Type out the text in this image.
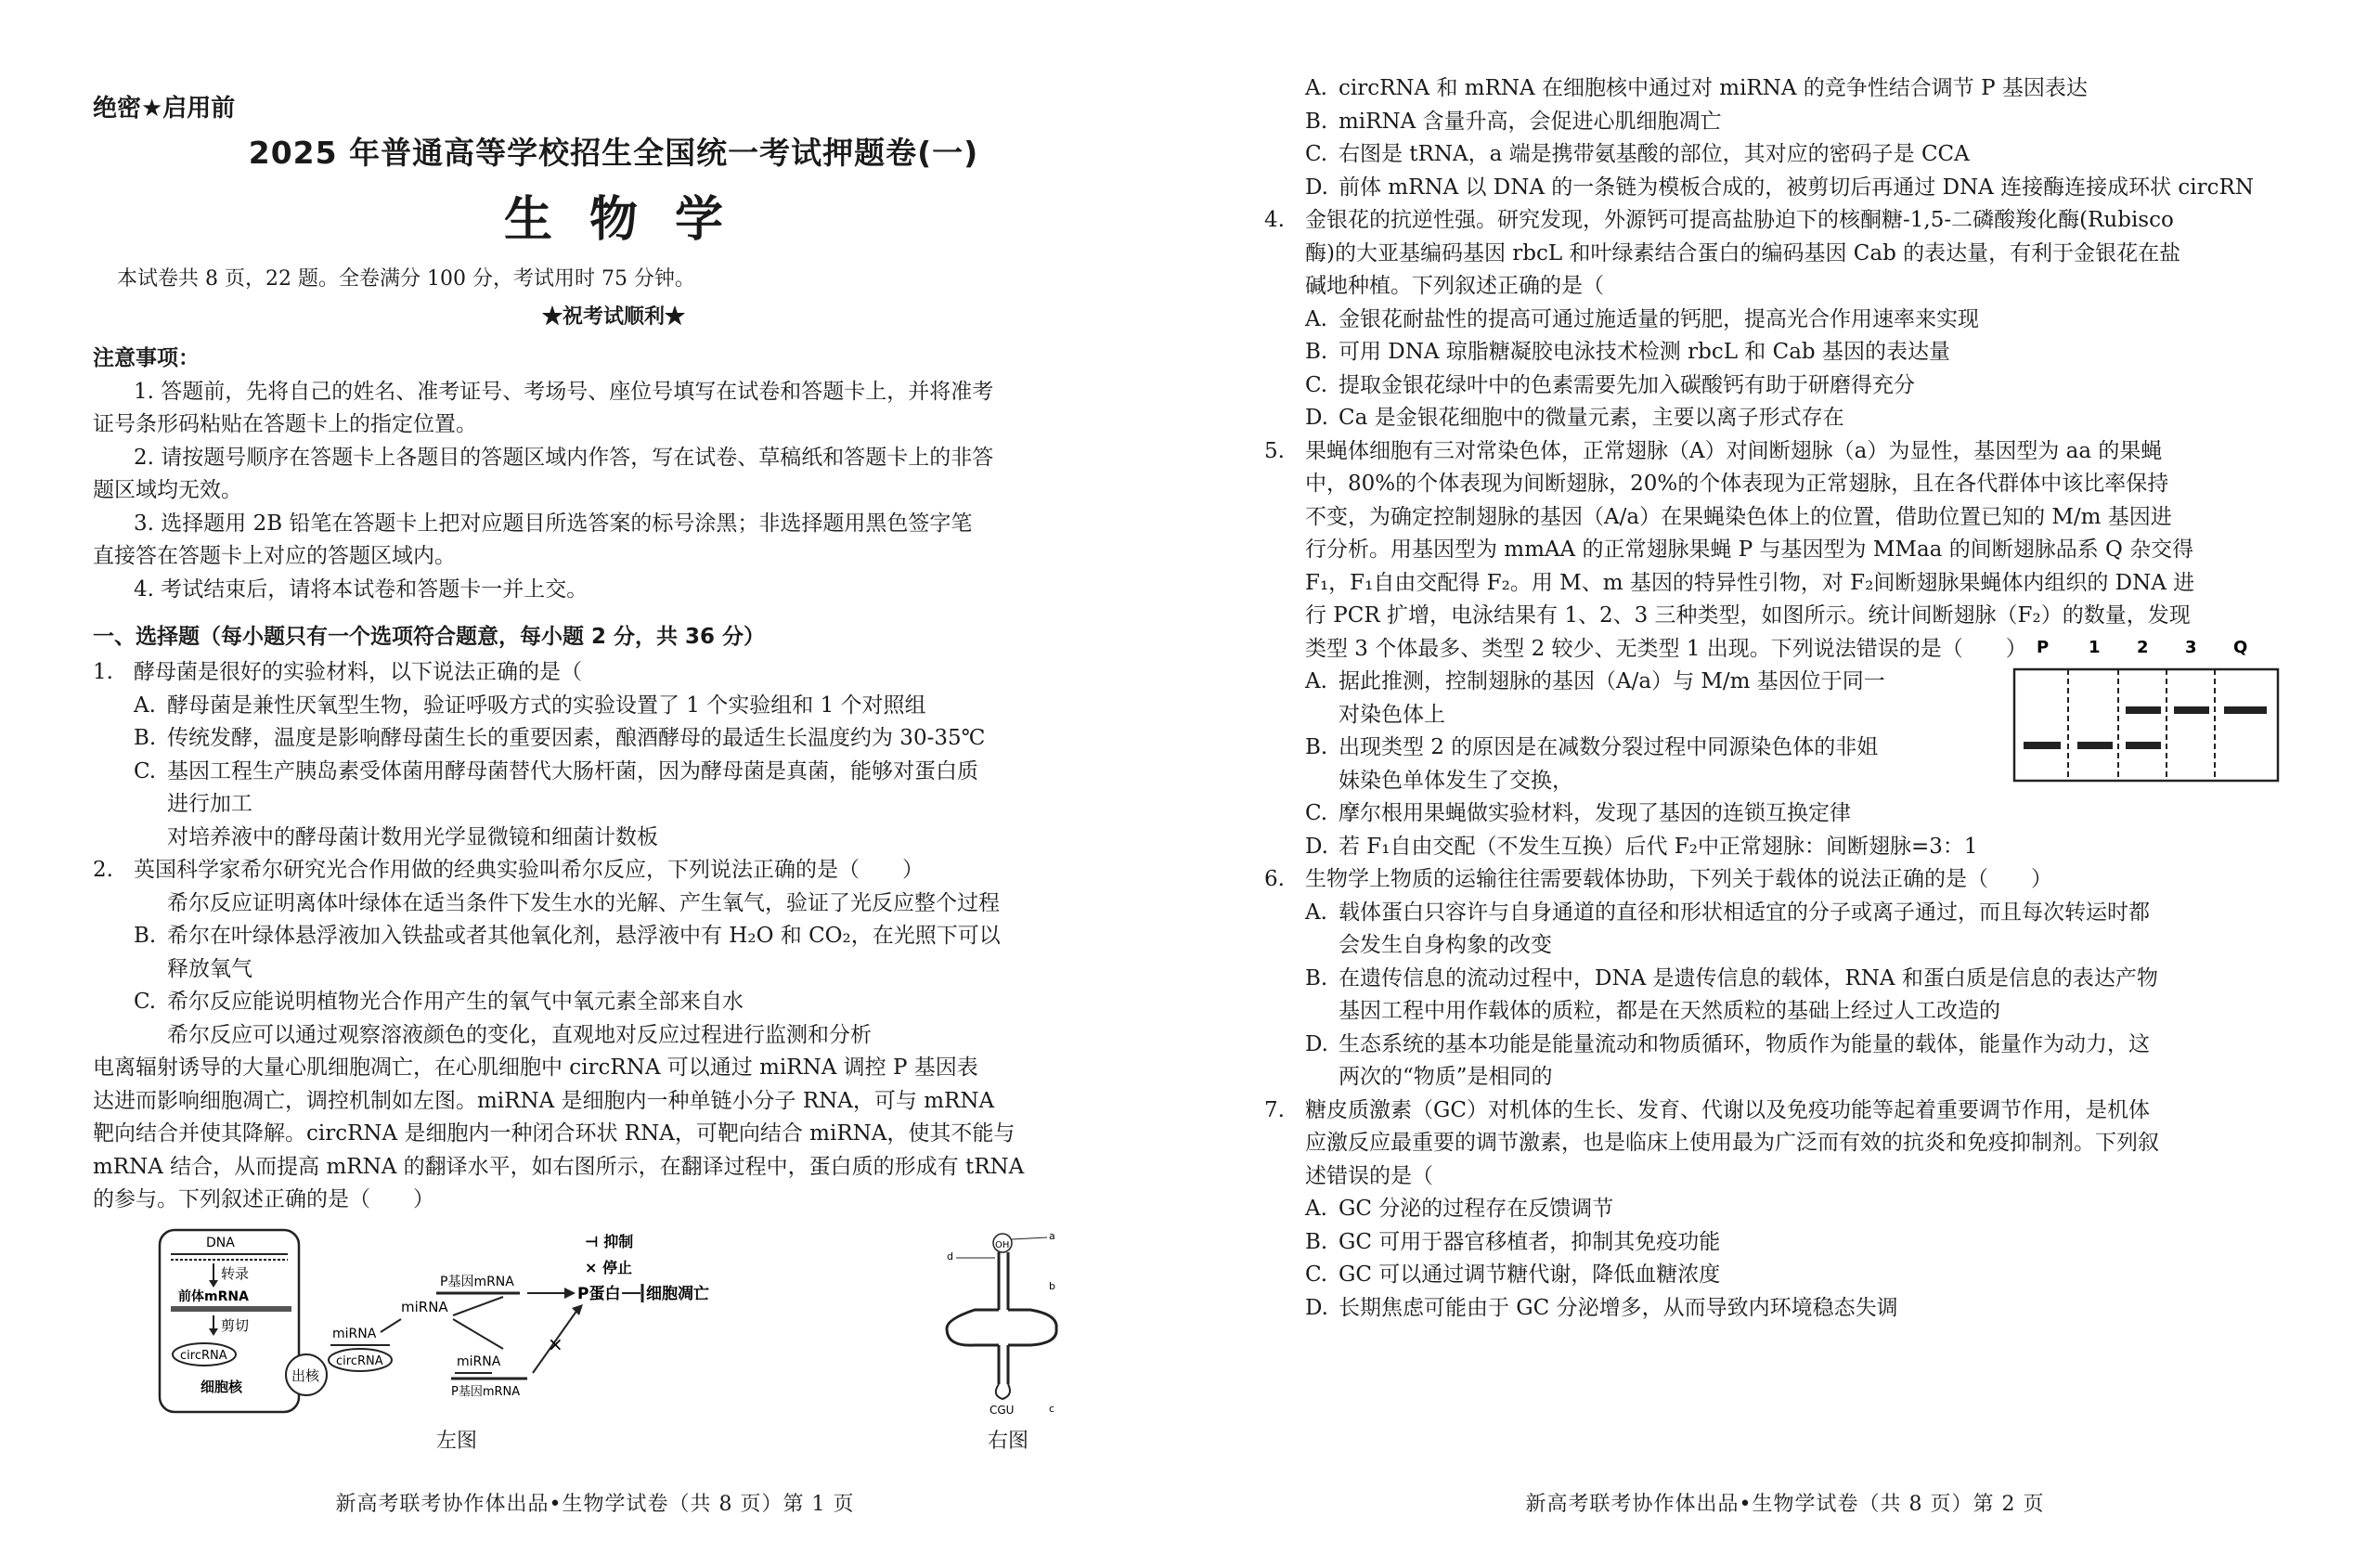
绝密★启用前
2025 年普通高等学校招生全国统一考试押题卷(一)
生物学
本试卷共 8 页，22 题。全卷满分 100 分，考试用时 75 分钟。
★祝考试顺利★

注意事项：

1. 答题前，先将自己的姓名、准考证号、考场号、座位号填写在试卷和答题卡上，并将准考

证号条形码粘贴在答题卡上的指定位置。

2. 请按题号顺序在答题卡上各题目的答题区域内作答，写在试卷、草稿纸和答题卡上的非答

题区域均无效。

3. 选择题用 2B 铅笔在答题卡上把对应题目所选答案的标号涂黑；非选择题用黑色签字笔

直接答在答题卡上对应的答题区域内。

4. 考试结束后，请将本试卷和答题卡一并上交。

一、选择题（每小题只有一个选项符合题意，每小题 2 分，共 36 分）

1. 酵母菌是很好的实验材料，以下说法正确的是（

A. 酵母菌是兼性厌氧型生物，验证呼吸方式的实验设置了 1 个实验组和 1 个对照组

B. 传统发酵，温度是影响酵母菌生长的重要因素，酿酒酵母的最适生长温度约为 30-35℃

C. 基因工程生产胰岛素受体菌用酵母菌替代大肠杆菌，因为酵母菌是真菌，能够对蛋白质

进行加工

对培养液中的酵母菌计数用光学显微镜和细菌计数板

2. 英国科学家希尔研究光合作用做的经典实验叫希尔反应，下列说法正确的是（　　）

希尔反应证明离体叶绿体在适当条件下发生水的光解、产生氧气，验证了光反应整个过程

B. 希尔在叶绿体悬浮液加入铁盐或者其他氧化剂，悬浮液中有 H₂O 和 CO₂，在光照下可以

释放氧气

C. 希尔反应能说明植物光合作用产生的氧气中氧元素全部来自水

希尔反应可以通过观察溶液颜色的变化，直观地对反应过程进行监测和分析

电离辐射诱导的大量心肌细胞凋亡，在心肌细胞中 circRNA 可以通过 miRNA 调控 P 基因表

达进而影响细胞凋亡，调控机制如左图。miRNA 是细胞内一种单链小分子 RNA，可与 mRNA

靶向结合并使其降解。circRNA 是细胞内一种闭合环状 RNA，可靶向结合 miRNA，使其不能与

mRNA 结合，从而提高 mRNA 的翻译水平，如右图所示，在翻译过程中，蛋白质的形成有 tRNA

的参与。下列叙述正确的是（　　）

DNA
转录
前体mRNA
剪切
circRNA
细胞核
出核
miRNA
circRNA
miRNA
P基因mRNA
P蛋白 细胞凋亡
miRNA
P基因mRNA
×
⊣ 抑制
× 停止
左图
OH
a
d
b
CGU	c
右图
新高考联考协作体出品•生物学试卷（共 8 页）第 1 页

A. circRNA 和 mRNA 在细胞核中通过对 miRNA 的竞争性结合调节 P 基因表达

B. miRNA 含量升高，会促进心肌细胞凋亡

C. 右图是 tRNA，a 端是携带氨基酸的部位，其对应的密码子是 CCA

D. 前体 mRNA 以 DNA 的一条链为模板合成的，被剪切后再通过 DNA 连接酶连接成环状 circRN

4. 金银花的抗逆性强。研究发现，外源钙可提高盐胁迫下的核酮糖-1,5-二磷酸羧化酶(Rubisco

酶)的大亚基编码基因 rbcL 和叶绿素结合蛋白的编码基因 Cab 的表达量，有利于金银花在盐

碱地种植。下列叙述正确的是（

A. 金银花耐盐性的提高可通过施适量的钙肥，提高光合作用速率来实现

B. 可用 DNA 琼脂糖凝胶电泳技术检测 rbcL 和 Cab 基因的表达量

C. 提取金银花绿叶中的色素需要先加入碳酸钙有助于研磨得充分

D. Ca 是金银花细胞中的微量元素，主要以离子形式存在

5. 果蝇体细胞有三对常染色体，正常翅脉（A）对间断翅脉（a）为显性，基因型为 aa 的果蝇

中，80%的个体表现为间断翅脉，20%的个体表现为正常翅脉，且在各代群体中该比率保持

不变，为确定控制翅脉的基因（A/a）在果蝇染色体上的位置，借助位置已知的 M/m 基因进

行分析。用基因型为 mmAA 的正常翅脉果蝇 P 与基因型为 MMaa 的间断翅脉品系 Q 杂交得

F₁，F₁自由交配得 F₂。用 M、m 基因的特异性引物，对 F₂间断翅脉果蝇体内组织的 DNA 进

行 PCR 扩增，电泳结果有 1、2、3 三种类型，如图所示。统计间断翅脉（F₂）的数量，发现

类型 3 个体最多、类型 2 较少、无类型 1 出现。下列说法错误的是（　　）

A. 据此推测，控制翅脉的基因（A/a）与 M/m 基因位于同一

对染色体上

B. 出现类型 2 的原因是在减数分裂过程中同源染色体的非姐

妹染色单体发生了交换，

C. 摩尔根用果蝇做实验材料，发现了基因的连锁互换定律

D. 若 F₁自由交配（不发生互换）后代 F₂中正常翅脉：间断翅脉=3：1

P 1 2 3 Q

6. 生物学上物质的运输往往需要载体协助，下列关于载体的说法正确的是（　　）

A. 载体蛋白只容许与自身通道的直径和形状相适宜的分子或离子通过，而且每次转运时都

会发生自身构象的改变

B. 在遗传信息的流动过程中，DNA 是遗传信息的载体，RNA 和蛋白质是信息的表达产物

基因工程中用作载体的质粒，都是在天然质粒的基础上经过人工改造的

D. 生态系统的基本功能是能量流动和物质循环，物质作为能量的载体，能量作为动力，这

两次的“物质”是相同的

7. 糖皮质激素（GC）对机体的生长、发育、代谢以及免疫功能等起着重要调节作用，是机体

应激反应最重要的调节激素，也是临床上使用最为广泛而有效的抗炎和免疫抑制剂。下列叙

述错误的是（

A. GC 分泌的过程存在反馈调节

B. GC 可用于器官移植者，抑制其免疫功能

C. GC 可以通过调节糖代谢，降低血糖浓度

D. 长期焦虑可能由于 GC 分泌增多，从而导致内环境稳态失调

新高考联考协作体出品•生物学试卷（共 8 页）第 2 页
